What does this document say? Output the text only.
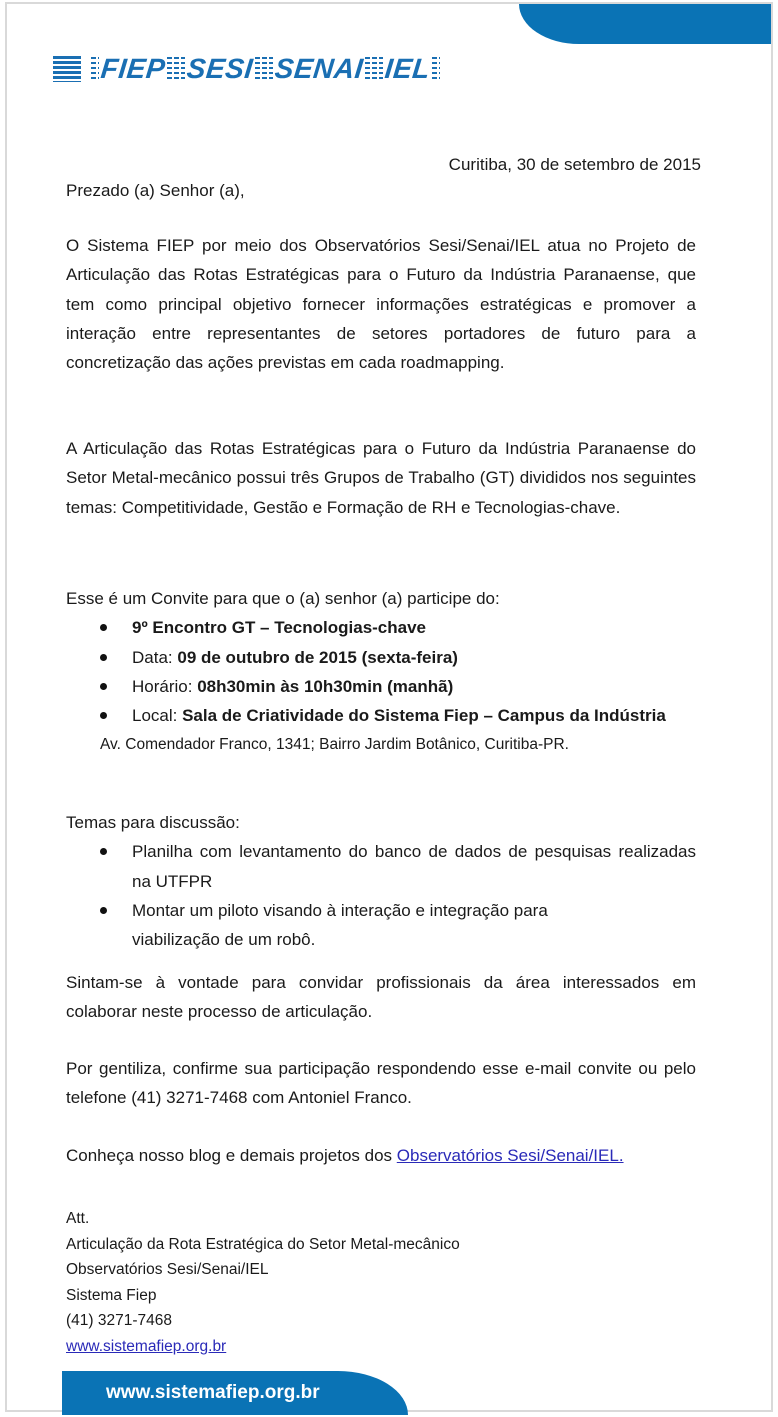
FIEP SESI SENAI IEL
Curitiba, 30 de setembro de 2015
Prezado (a) Senhor (a),
O Sistema FIEP por meio dos Observatórios Sesi/Senai/IEL atua no Projeto de Articulação das Rotas Estratégicas para o Futuro da Indústria Paranaense, que tem como principal objetivo fornecer informações estratégicas e promover a interação entre representantes de setores portadores de futuro para a concretização das ações previstas em cada roadmapping.
A Articulação das Rotas Estratégicas para o Futuro da Indústria Paranaense do Setor Metal-mecânico possui três Grupos de Trabalho (GT) divididos nos seguintes temas: Competitividade, Gestão e Formação de RH e Tecnologias-chave.
Esse é um Convite para que o (a) senhor (a) participe do:
9º Encontro GT – Tecnologias-chave
Data: 09 de outubro de 2015 (sexta-feira)
Horário: 08h30min às 10h30min (manhã)
Local: Sala de Criatividade do Sistema Fiep – Campus da Indústria
Av. Comendador Franco, 1341; Bairro Jardim Botânico, Curitiba-PR.
Temas para discussão:
Planilha com levantamento do banco de dados de pesquisas realizadas na UTFPR
Montar um piloto visando à interação e integração para viabilização de um robô.
Sintam-se à vontade para convidar profissionais da área interessados em colaborar neste processo de articulação.
Por gentiliza, confirme sua participação respondendo esse e-mail convite ou pelo telefone (41) 3271-7468 com Antoniel Franco.
Conheça nosso blog e demais projetos dos Observatórios Sesi/Senai/IEL.
Att.
Articulação da Rota Estratégica do Setor Metal-mecânico
Observatórios Sesi/Senai/IEL
Sistema Fiep
(41) 3271-7468
www.sistemafiep.org.br
www.sistemafiep.org.br
